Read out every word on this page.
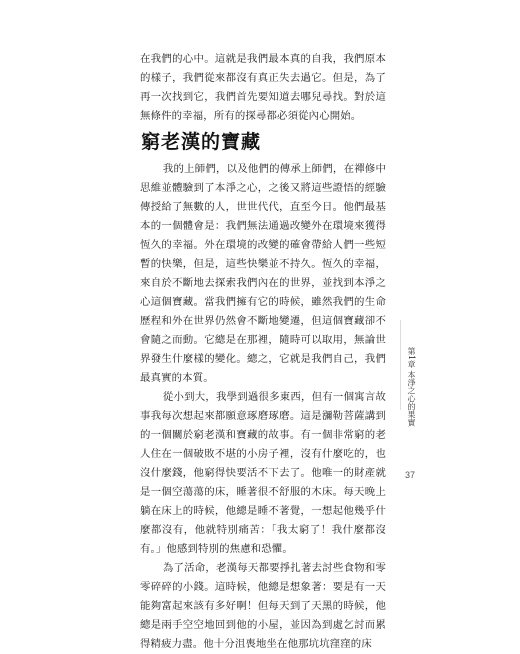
在我們的心中。這就是我們最本真的自我，我們原本的樣子，我們從來都沒有真正失去過它。但是，為了再一次找到它，我們首先要知道去哪兒尋找。對於這無條件的幸福，所有的探尋都必須從內心開始。

窮老漢的寶藏

我的上師們，以及他們的傳承上師們，在禪修中思維並體驗到了本淨之心，之後又將這些證悟的經驗傳授給了無數的人，世世代代，直至今日。他們最基本的一個體會是：我們無法通過改變外在環境來獲得恆久的幸福。外在環境的改變的確會帶給人們一些短暫的快樂，但是，這些快樂並不持久。恆久的幸福，來自於不斷地去探索我們內在的世界，並找到本淨之心這個寶藏。當我們擁有它的時候，雖然我們的生命歷程和外在世界仍然會不斷地變遷，但這個寶藏卻不會隨之而動。它總是在那裡，隨時可以取用，無論世界發生什麼樣的變化。總之，它就是我們自己，我們最真實的本質。

從小到大，我學到過很多東西，但有一個寓言故事我每次想起來都願意琢磨琢磨。這是瀰勒菩薩講到的一個關於窮老漢和寶藏的故事。有一個非常窮的老人住在一個破敗不堪的小房子裡，沒有什麼吃的，也沒什麼錢，他窮得快要活不下去了。他唯一的財產就是一個空蕩蕩的床，睡著很不舒服的木床。每天晚上躺在床上的時候，他總是睡不著覺，一想起他幾乎什麼都沒有，他就特別痛苦：「我太窮了！我什麼都沒有。」他感到特別的焦慮和恐懼。

為了活命，老漢每天都要掙扎著去討些食物和零零碎碎的小錢。這時候，他總是想象著：要是有一天能夠富起來該有多好啊！但每天到了天黑的時候，他總是兩手空空地回到他的小屋，並因為到處乞討而累得精疲力盡。他十分沮喪地坐在他那坑坑窪窪的床

第1章 本淨之心的果實
37
